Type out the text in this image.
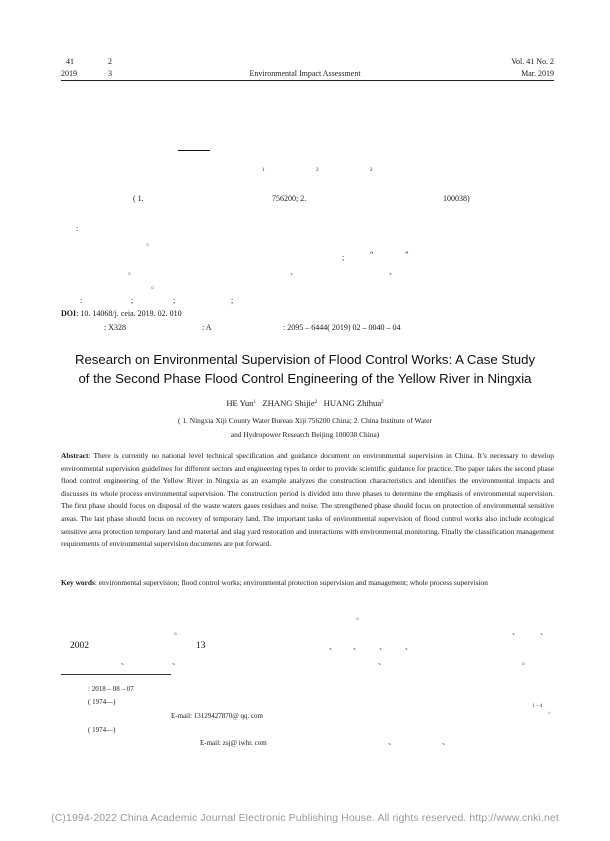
41	2
2019	3	Environmental Impact Assessment
Vol. 41 No. 2
Mar. 2019
1	2	2
( 1.	756200; 2.	100038)
:
。
;	“	”
。	、	、
。
:	;	;	;
DOI: 10. 14068/j. ceia. 2019. 02. 010
: X328	: A	: 2095 – 6444( 2019) 02 – 0040 – 04
Research on Environmental Supervision of Flood Control Works: A Case Study
of the Second Phase Flood Control Engineering of the Yellow River in Ningxia
HE Yun$^1$ ZHANG Shijie$^2$ HUANG Zhihua$^2$
( 1. Ningxia Xiji County Water Bureau Xiji 756200 China; 2. China Institute of Water
and Hydropower Research Beijing 100038 China)
Abstract: There is currently no national level technical specification and guidance document on environmental supervision in China. It’s necessary to develop environmental supervision guidelines for different sectors and engineering types in order to provide scientific guidance for practice. The paper takes the second phase flood control engineering of the Yellow River in Ningxia as an example analyzes the construction characteristics and identifies the environmental impacts and discusses its whole process environmental supervision. The construction period is divided into three phases to determine the emphasis of environmental supervision. The first phase should focus on disposal of the waste waters gases residues and noise. The strengthened phase should focus on protection of environmental sensitive areas. The last phase should focus on recovery of temporary land. The important tasks of environmental supervision of flood control works also include ecological sensitive area protection temporary land and material and slag yard restoration and interactions with environmental monitoring. Finally the classification management requirements of environmental supervision documents are put forward.
Key words: environmental supervision; flood control works; environmental protection supervision and management; whole process supervision
。
。	、	、
2002	13	、 、 、 、
、	、	、	。
: 2018 – 08 – 07
( 1974—)
E-mail: 13129427870@ qq. com
( 1974—)
E-mail: zsj@ iwhr. com
1 – 4
。
、	、
(C)1994-2022 China Academic Journal Electronic Publishing House. All rights reserved. http://www.cnki.net
